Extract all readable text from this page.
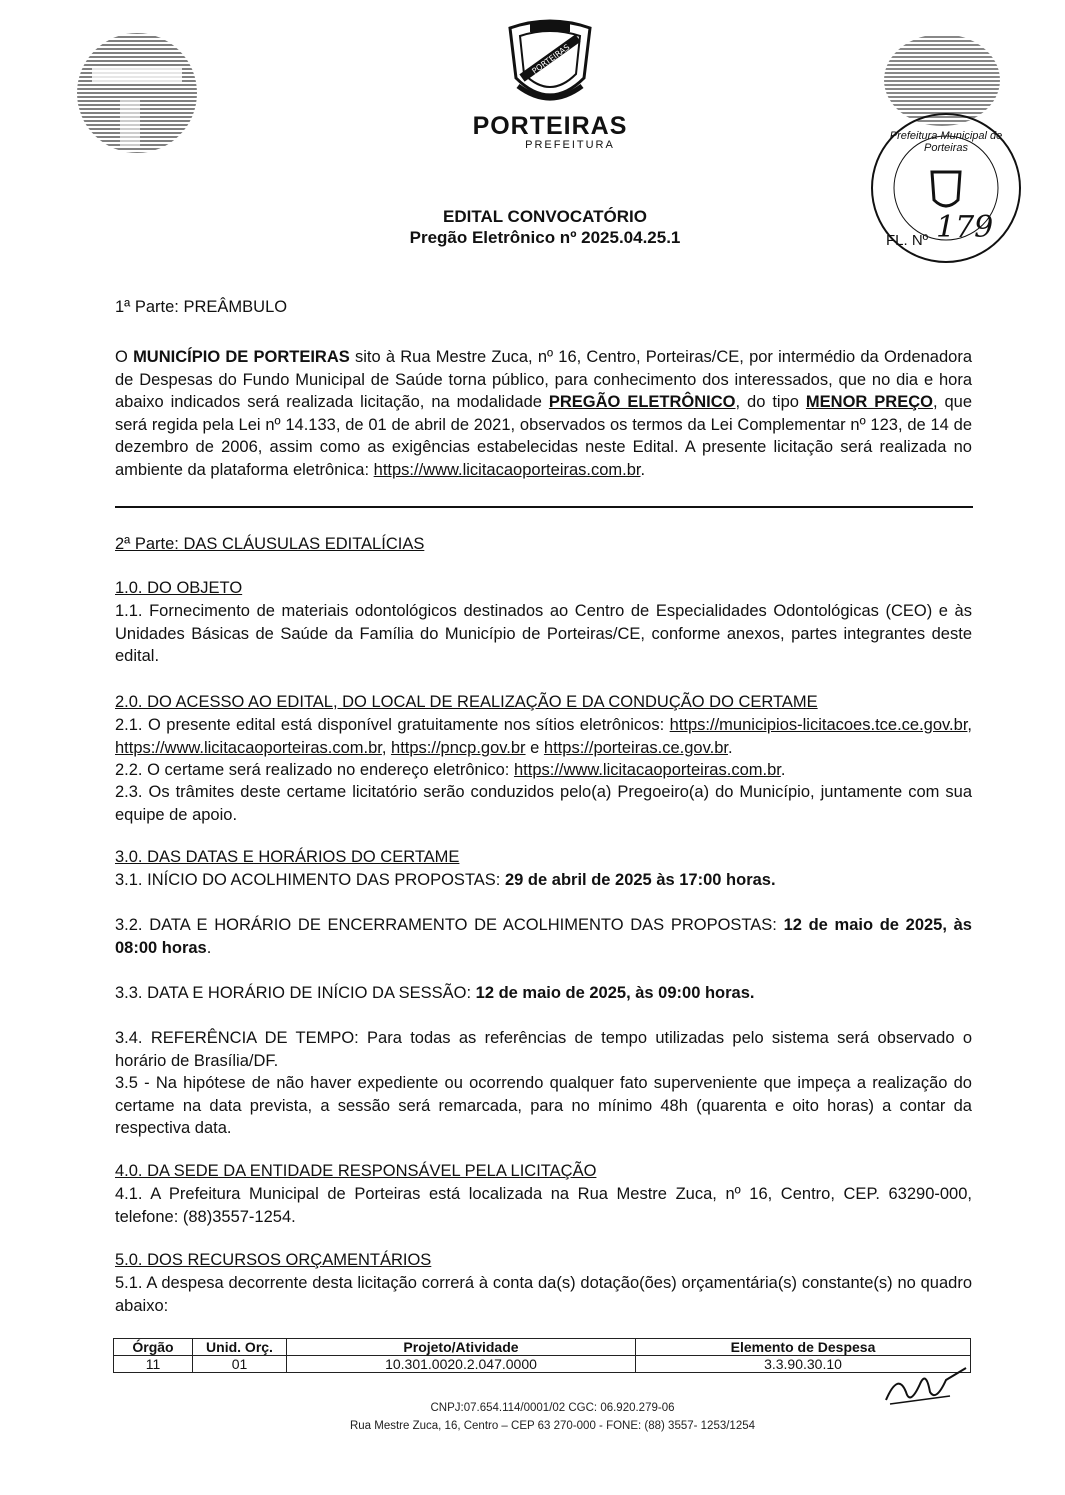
PORTEIRAS
PORTEIRAS
PREFEITURA
Prefeitura Municipal de Porteiras
FL. Nº 179
EDITAL CONVOCATÓRIO
Pregão Eletrônico nº 2025.04.25.1
1ª Parte: PREÂMBULO

O MUNICÍPIO DE PORTEIRAS sito à Rua Mestre Zuca, nº 16, Centro, Porteiras/CE, por intermédio da Ordenadora de Despesas do Fundo Municipal de Saúde torna público, para conhecimento dos interessados, que no dia e hora abaixo indicados será realizada licitação, na modalidade PREGÃO ELETRÔNICO, do tipo MENOR PREÇO, que será regida pela Lei nº 14.133, de 01 de abril de 2021, observados os termos da Lei Complementar nº 123, de 14 de dezembro de 2006, assim como as exigências estabelecidas neste Edital. A presente licitação será realizada no ambiente da plataforma eletrônica: https://www.licitacaoporteiras.com.br.

2ª Parte: DAS CLÁUSULAS EDITALÍCIAS
1.0. DO OBJETO

1.1. Fornecimento de materiais odontológicos destinados ao Centro de Especialidades Odontológicas (CEO) e às Unidades Básicas de Saúde da Família do Município de Porteiras/CE, conforme anexos, partes integrantes deste edital.

2.0. DO ACESSO AO EDITAL, DO LOCAL DE REALIZAÇÃO E DA CONDUÇÃO DO CERTAME

2.1. O presente edital está disponível gratuitamente nos sítios eletrônicos: https://municipios-licitacoes.tce.ce.gov.br, https://www.licitacaoporteiras.com.br, https://pncp.gov.br e https://porteiras.ce.gov.br.

2.2. O certame será realizado no endereço eletrônico: https://www.licitacaoporteiras.com.br.

2.3. Os trâmites deste certame licitatório serão conduzidos pelo(a) Pregoeiro(a) do Município, juntamente com sua equipe de apoio.

3.0. DAS DATAS E HORÁRIOS DO CERTAME

3.1. INÍCIO DO ACOLHIMENTO DAS PROPOSTAS: 29 de abril de 2025 às 17:00 horas.

3.2. DATA E HORÁRIO DE ENCERRAMENTO DE ACOLHIMENTO DAS PROPOSTAS: 12 de maio de 2025, às 08:00 horas.

3.3. DATA E HORÁRIO DE INÍCIO DA SESSÃO: 12 de maio de 2025, às 09:00 horas.

3.4. REFERÊNCIA DE TEMPO: Para todas as referências de tempo utilizadas pelo sistema será observado o horário de Brasília/DF.

3.5 - Na hipótese de não haver expediente ou ocorrendo qualquer fato superveniente que impeça a realização do certame na data prevista, a sessão será remarcada, para no mínimo 48h (quarenta e oito horas) a contar da respectiva data.

4.0. DA SEDE DA ENTIDADE RESPONSÁVEL PELA LICITAÇÃO

4.1. A Prefeitura Municipal de Porteiras está localizada na Rua Mestre Zuca, nº 16, Centro, CEP. 63290-000, telefone: (88)3557-1254.

5.0. DOS RECURSOS ORÇAMENTÁRIOS

5.1. A despesa decorrente desta licitação correrá à conta da(s) dotação(ões) orçamentária(s) constante(s) no quadro abaixo:

Órgão	Unid. Orç.	Projeto/Atividade	Elemento de Despesa
11	01	10.301.0020.2.047.0000	3.3.90.30.10
CNPJ:07.654.114/0001/02 CGC: 06.920.279-06
Rua Mestre Zuca, 16, Centro – CEP 63 270-000 - FONE: (88) 3557- 1253/1254
